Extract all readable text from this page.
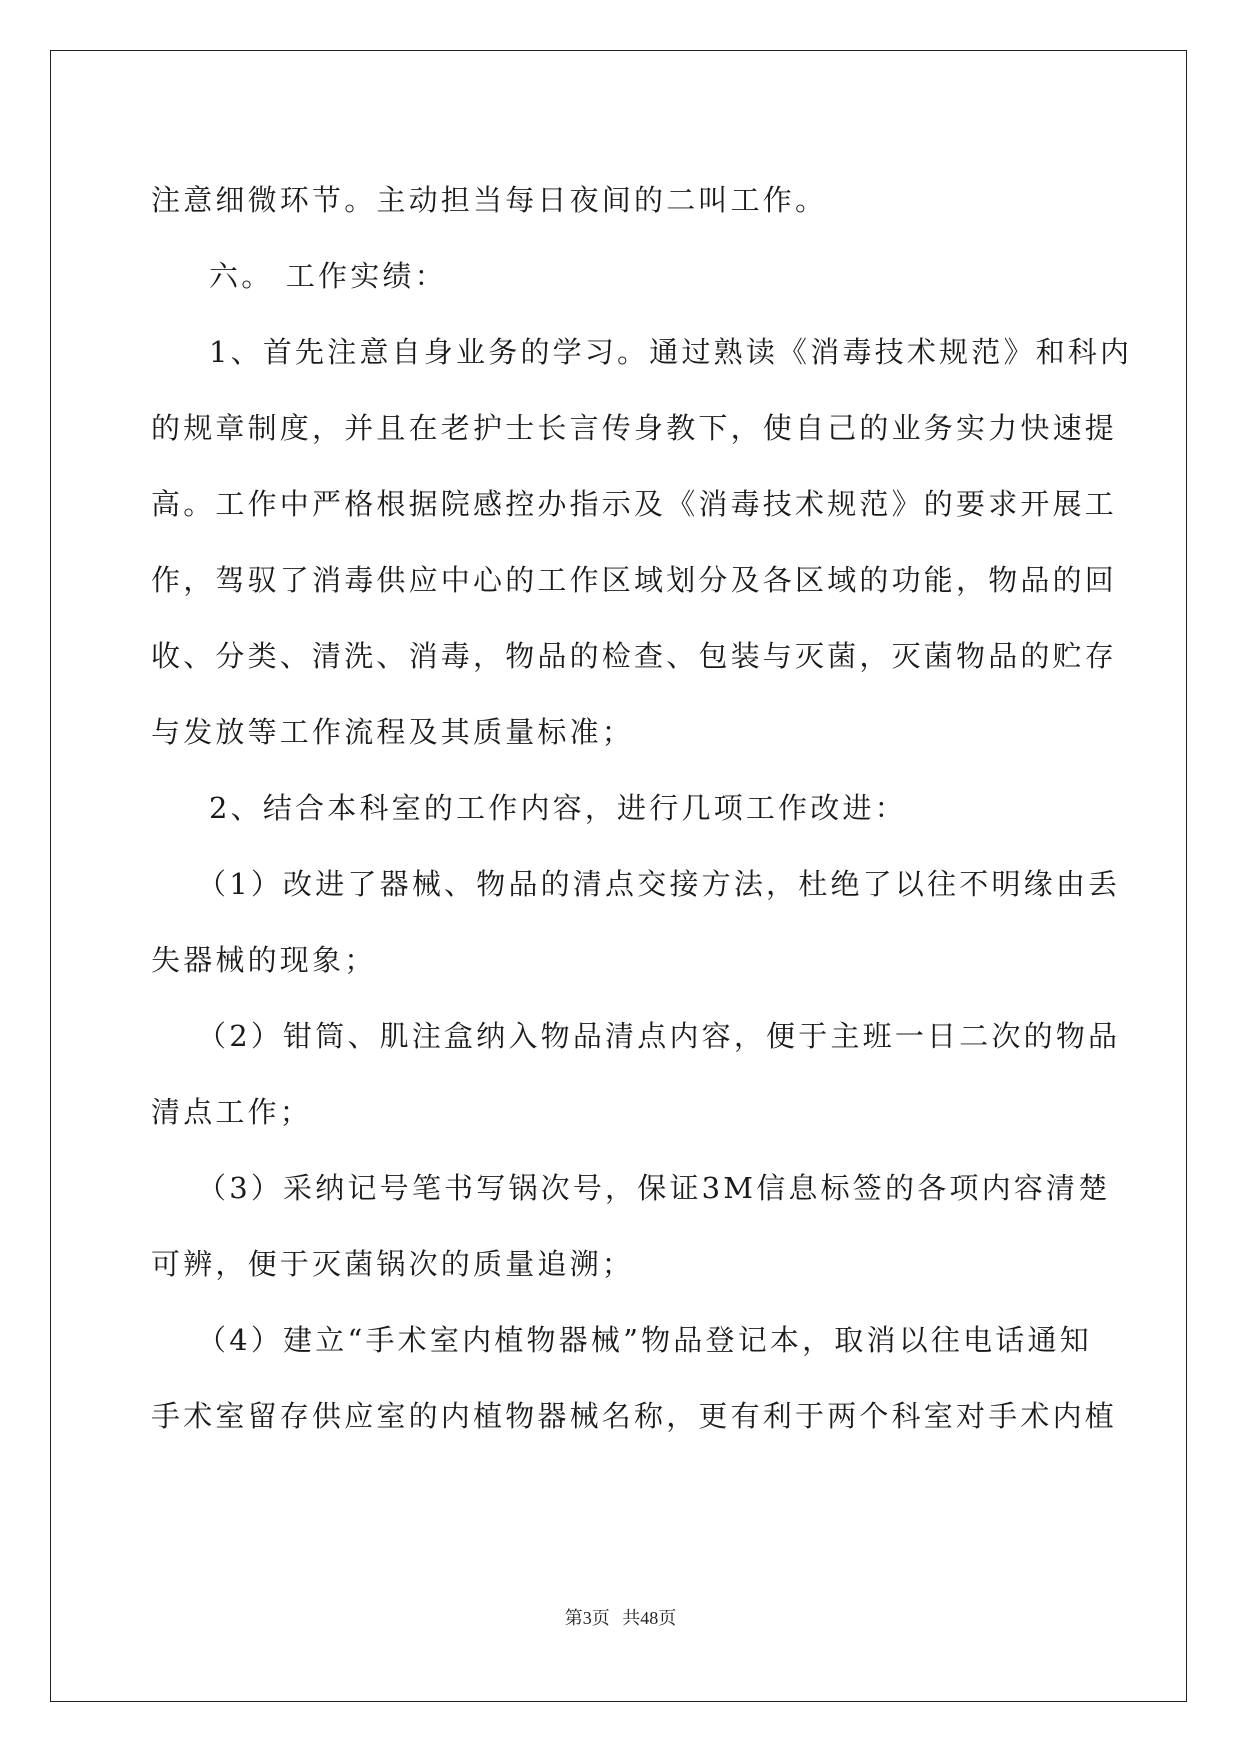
注意细微环节。主动担当每日夜间的二叫工作。
六。 工作实绩：
1、首先注意自身业务的学习。通过熟读《消毒技术规范》和科内
的规章制度，并且在老护士长言传身教下，使自己的业务实力快速提
高。工作中严格根据院感控办指示及《消毒技术规范》的要求开展工
作，驾驭了消毒供应中心的工作区域划分及各区域的功能，物品的回
收、分类、清洗、消毒，物品的检查、包装与灭菌，灭菌物品的贮存
与发放等工作流程及其质量标准；
2、结合本科室的工作内容，进行几项工作改进：
（1）改进了器械、物品的清点交接方法，杜绝了以往不明缘由丢
失器械的现象；
（2）钳筒、肌注盒纳入物品清点内容，便于主班一日二次的物品
清点工作；
（3）采纳记号笔书写锅次号，保证3M信息标签的各项内容清楚
可辨，便于灭菌锅次的质量追溯；
（4）建立“手术室内植物器械”物品登记本，取消以往电话通知
手术室留存供应室的内植物器械名称，更有利于两个科室对手术内植
第3页 共48页
